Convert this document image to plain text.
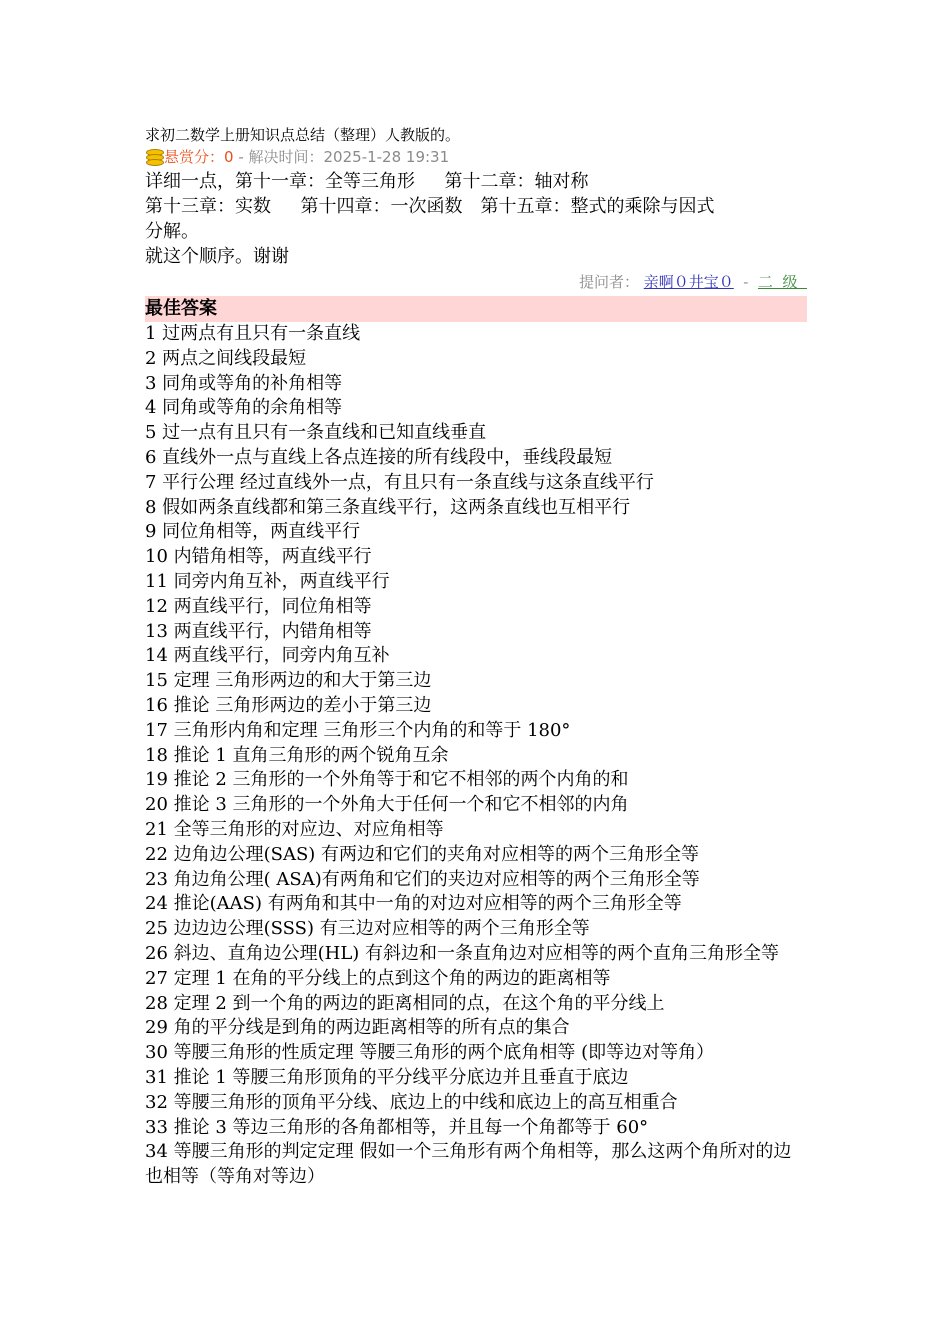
求初二数学上册知识点总结（整理）人教版的。

悬赏分： 0 - 解决时间：2025-1-28 19:31
详细一点，第十一章：全等三角形　  第十二章：轴对称
第十三章：实数　  第十四章：一次函数　第十五章：整式的乘除与因式
分解。
就这个顺序。谢谢
提问者： 亲啊０井宝０  -  二  级
最佳答案
1 过两点有且只有一条直线
2 两点之间线段最短
3 同角或等角的补角相等
4 同角或等角的余角相等
5 过一点有且只有一条直线和已知直线垂直
6 直线外一点与直线上各点连接的所有线段中，垂线段最短
7 平行公理 经过直线外一点，有且只有一条直线与这条直线平行
8 假如两条直线都和第三条直线平行，这两条直线也互相平行
9 同位角相等，两直线平行
10 内错角相等，两直线平行
11 同旁内角互补，两直线平行
12 两直线平行，同位角相等
13 两直线平行，内错角相等
14 两直线平行，同旁内角互补
15 定理 三角形两边的和大于第三边
16 推论 三角形两边的差小于第三边
17 三角形内角和定理 三角形三个内角的和等于 180°
18 推论 1 直角三角形的两个锐角互余
19 推论 2 三角形的一个外角等于和它不相邻的两个内角的和
20 推论 3 三角形的一个外角大于任何一个和它不相邻的内角
21 全等三角形的对应边、对应角相等
22 边角边公理(SAS) 有两边和它们的夹角对应相等的两个三角形全等
23 角边角公理( ASA)有两角和它们的夹边对应相等的两个三角形全等
24 推论(AAS) 有两角和其中一角的对边对应相等的两个三角形全等
25 边边边公理(SSS) 有三边对应相等的两个三角形全等
26 斜边、直角边公理(HL) 有斜边和一条直角边对应相等的两个直角三角形全等
27 定理 1 在角的平分线上的点到这个角的两边的距离相等
28 定理 2 到一个角的两边的距离相同的点，在这个角的平分线上
29 角的平分线是到角的两边距离相等的所有点的集合
30 等腰三角形的性质定理 等腰三角形的两个底角相等 (即等边对等角）
31 推论 1 等腰三角形顶角的平分线平分底边并且垂直于底边
32 等腰三角形的顶角平分线、底边上的中线和底边上的高互相重合
33 推论 3 等边三角形的各角都相等，并且每一个角都等于 60°
34 等腰三角形的判定定理 假如一个三角形有两个角相等，那么这两个角所对的边也相等（等角对等边）
